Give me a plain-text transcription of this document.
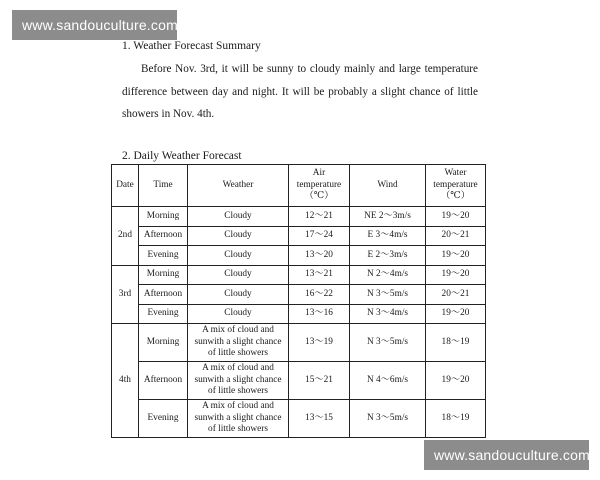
www.sandouculture.com
1. Weather Forecast Summary
Before Nov. 3rd, it will be sunny to cloudy mainly and large temperature difference between day and night. It will be probably a slight chance of little showers in Nov. 4th.
2. Daily Weather Forecast
Date	Time	Weather	Air
temperature
（℃）	Wind	Water
temperature
（℃）

2nd	Morning	Cloudy	12～21	NE 2～3m/s	19～20
	Afternoon	Cloudy	17～24	E 3～4m/s	20～21
	Evening	Cloudy	13～20	E 2～3m/s	19～20
3rd	Morning	Cloudy	13～21	N 2～4m/s	19～20
	Afternoon	Cloudy	16～22	N 3～5m/s	20～21
	Evening	Cloudy	13～16	N 3～4m/s	19～20
4th	Morning	A mix of cloud and
sunwith a slight chance
of little showers	13～19	N 3～5m/s	18～19
	Afternoon	A mix of cloud and
sunwith a slight chance
of little showers	15～21	N 4～6m/s	19～20
	Evening	A mix of cloud and
sunwith a slight chance
of little showers	13～15	N 3～5m/s	18～19
www.sandouculture.com
